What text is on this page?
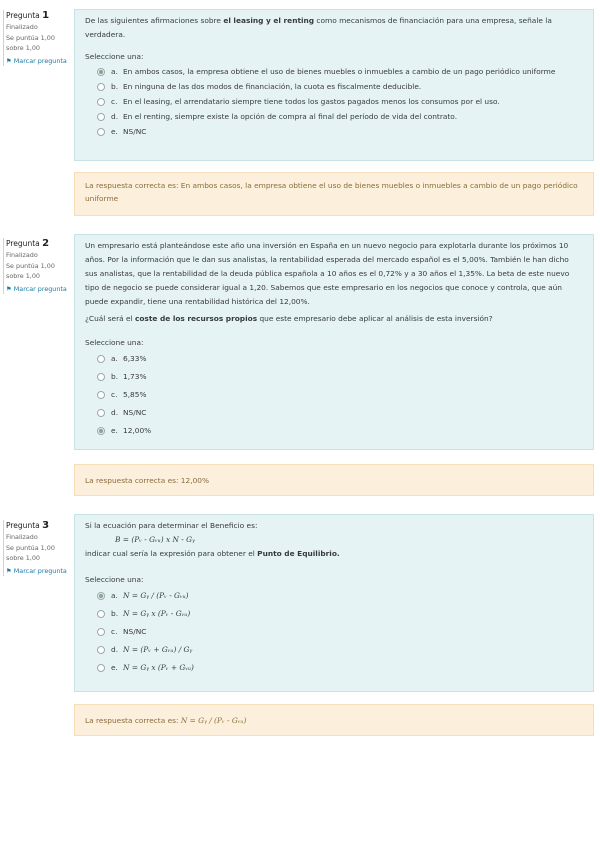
Pregunta 1
Finalizado
Se puntúa 1,00 sobre 1,00
⚑ Marcar pregunta
De las siguientes afirmaciones sobre el leasing y el renting como mecanismos de financiación para una empresa, señale la verdadera.
Seleccione una:
a. En ambos casos, la empresa obtiene el uso de bienes muebles o inmuebles a cambio de un pago periódico uniforme
b. En ninguna de las dos modos de financiación, la cuota es fiscalmente deducible.
c. En el leasing, el arrendatario siempre tiene todos los gastos pagados menos los consumos por el uso.
d. En el renting, siempre existe la opción de compra al final del período de vida del contrato.
e. NS/NC
La respuesta correcta es: En ambos casos, la empresa obtiene el uso de bienes muebles o inmuebles a cambio de un pago periódico uniforme
Pregunta 2
Finalizado
Se puntúa 1,00 sobre 1,00
⚑ Marcar pregunta
Un empresario está planteándose este año una inversión en España en un nuevo negocio para explotarla durante los próximos 10 años. Por la información que le dan sus analistas, la rentabilidad esperada del mercado español es el 5,00%. También le han dicho sus analistas, que la rentabilidad de la deuda pública española a 10 años es el 0,72% y a 30 años el 1,35%. La beta de este nuevo tipo de negocio se puede considerar igual a 1,20. Sabemos que este empresario en los negocios que conoce y controla, que aún puede expandir, tiene una rentabilidad histórica del 12,00%.
¿Cuál será el coste de los recursos propios que este empresario debe aplicar al análisis de esta inversión?
Seleccione una:
a. 6,33%
b. 1,73%
c. 5,85%
d. NS/NC
e. 12,00%
La respuesta correcta es: 12,00%
Pregunta 3
Finalizado
Se puntúa 1,00 sobre 1,00
⚑ Marcar pregunta
Si la ecuación para determinar el Beneficio es:
B = (Pᵥ - Gᵥᵤ) x N - Gᵧ
indicar cual sería la expresión para obtener el Punto de Equilibrio.
Seleccione una:
a. N = Gᵧ / (Pᵥ - Gᵥᵤ)
b. N = Gᵧ x (Pᵥ - Gᵥᵤ)
c. NS/NC
d. N = (Pᵥ + Gᵥᵤ) / Gᵧ
e. N = Gᵧ x (Pᵥ + Gᵥᵤ)
La respuesta correcta es: N = Gᵧ / (Pᵥ - Gᵥᵤ)
